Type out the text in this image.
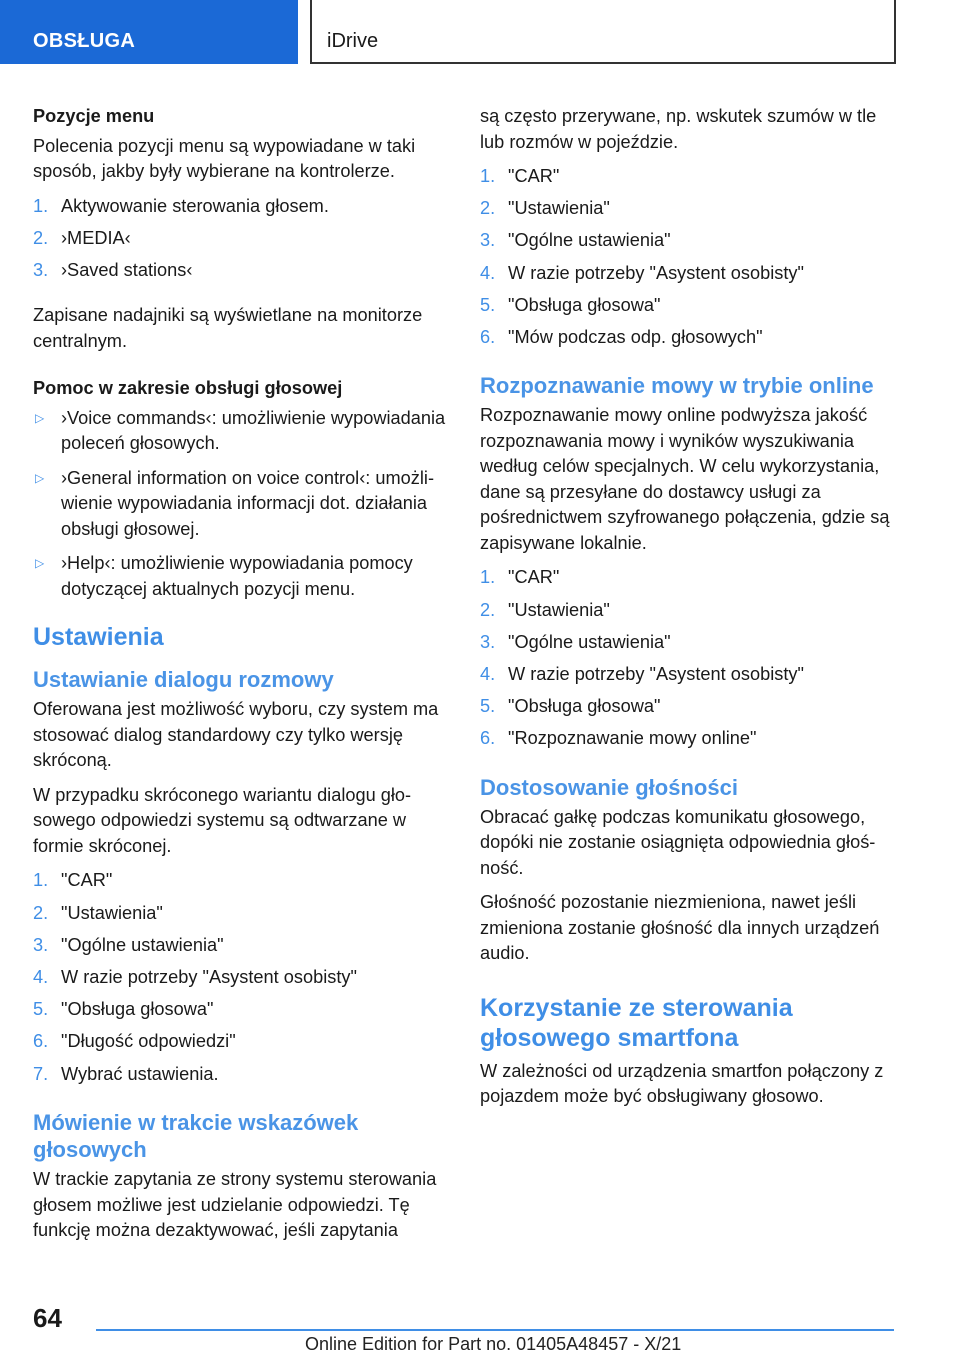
OBSŁUGA	iDrive
Pozycje menu

Polecenia pozycji menu są wypowiadane w taki sposób, jakby były wybierane na kontrolerze.

1. Aktywowanie sterowania głosem.
2. ›MEDIA‹
3. ›Saved stations‹

Zapisane nadajniki są wyświetlane na monitorze centralnym.

Pomoc w zakresie obsługi głosowej
▷ ›Voice commands‹: umożliwienie wypowiadania poleceń głosowych.
▷ ›General information on voice control‹: umożliwienie wypowiadania informacji dot. działania obsługi głosowej.
▷ ›Help‹: umożliwienie wypowiadania pomocy dotyczącej aktualnych pozycji menu.
Ustawienia
Ustawianie dialogu rozmowy

Oferowana jest możliwość wyboru, czy system ma stosować dialog standardowy czy tylko wersję skróconą.

W przypadku skróconego wariantu dialogu głosowego odpowiedzi systemu są odtwarzane w formie skróconej.

1. "CAR"
2. "Ustawienia"
3. "Ogólne ustawienia"
4. W razie potrzeby "Asystent osobisty"
5. "Obsługa głosowa"
6. "Długość odpowiedzi"
7. Wybrać ustawienia.
Mówienie w trakcie wskazówek głosowych

W trackie zapytania ze strony systemu sterowania głosem możliwe jest udzielanie odpowiedzi. Tę funkcję można dezaktywować, jeśli zapytania

są często przerywane, np. wskutek szumów w tle lub rozmów w pojeździe.

1. "CAR"
2. "Ustawienia"
3. "Ogólne ustawienia"
4. W razie potrzeby "Asystent osobisty"
5. "Obsługa głosowa"
6. "Mów podczas odp. głosowych"
Rozpoznawanie mowy w trybie online

Rozpoznawanie mowy online podwyższa jakość rozpoznawania mowy i wyników wyszukiwania według celów specjalnych. W celu wykorzystania, dane są przesyłane do dostawcy usługi za pośrednictwem szyfrowanego połączenia, gdzie są zapisywane lokalnie.

1. "CAR"
2. "Ustawienia"
3. "Ogólne ustawienia"
4. W razie potrzeby "Asystent osobisty"
5. "Obsługa głosowa"
6. "Rozpoznawanie mowy online"
Dostosowanie głośności

Obracać gałkę podczas komunikatu głosowego, dopóki nie zostanie osiągnięta odpowiednia głośność.

Głośność pozostanie niezmieniona, nawet jeśli zmieniona zostanie głośność dla innych urządzeń audio.

Korzystanie ze sterowania głosowego smartfona

W zależności od urządzenia smartfon połączony z pojazdem może być obsługiwany głosowo.

64
Online Edition for Part no. 01405A48457 - X/21
